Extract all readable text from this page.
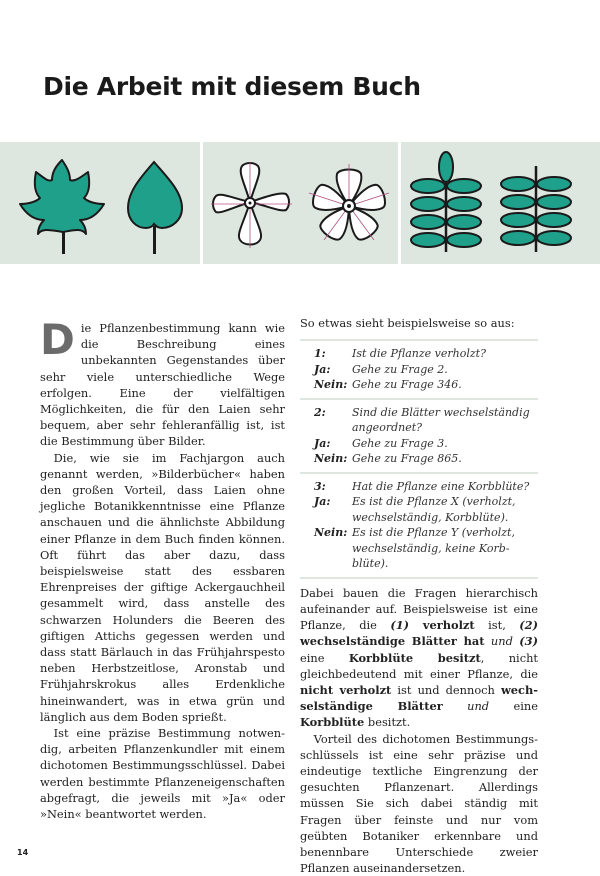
Die Arbeit mit diesem Buch

Die Pflanzenbestimmung kann wie die Beschreibung eines unbekannten Gegenstandes über sehr viele unterschiedliche Wege erfolgen. Eine der vielfältigen Möglichkeiten, die für den Laien sehr bequem, aber sehr fehleranfällig ist, ist die Bestimmung über Bilder.

Die, wie sie im Fachjargon auch genannt werden, »Bilderbücher« haben den großen Vorteil, dass Laien ohne jegliche Botanikkenntnisse eine Pflanze anschauen und die ähnlichste Abbildung einer Pflanze in dem Buch finden können. Oft führt das aber dazu, dass beispielsweise statt des essbaren Ehrenpreises der giftige Ackergauchheil gesammelt wird, dass anstelle des schwarzen Holunders die Beeren des giftigen Attichs gegessen werden und dass statt Bärlauch in das Frühjahrspesto neben Herbstzeitlose, Aronstab und Frühjahrskrokus alles Erdenkliche hineinwandert, was in etwa grün und länglich aus dem Boden sprießt.

Ist eine präzise Bestimmung notwendig, arbeiten Pflanzenkundler mit einem dichotomen Bestimmungsschlüssel. Dabei werden bestimmte Pflanzeneigenschaften abgefragt, die jeweils mit »Ja« oder »Nein« beantwortet werden.

So etwas sieht beispielsweise so aus:

1:	Ist die Pflanze verholzt?
Ja:	Gehe zu Frage 2.
Nein: Gehe zu Frage 346.
2:	Sind die Blätter wechselständig angeordnet?
Ja:	Gehe zu Frage 3.
Nein: Gehe zu Frage 865.
3:	Hat die Pflanze eine Korbblüte?
Ja:	Es ist die Pflanze X (verholzt, wechselständig, Korbblüte).
Nein: Es ist die Pflanze Y (verholzt, wechselständig, keine Korbblüte).

Dabei bauen die Fragen hierarchisch aufeinander auf. Beispielsweise ist eine Pflanze, die (1) verholzt ist, (2) wechselständige Blätter hat und (3) eine Korbblüte besitzt, nicht gleichbedeutend mit einer Pflanze, die nicht verholzt ist und dennoch wechselständige Blätter und eine Korbblüte besitzt.

Vorteil des dichotomen Bestimmungsschlüssels ist eine sehr präzise und eindeutige textliche Eingrenzung der gesuchten Pflanzenart. Allerdings müssen Sie sich dabei ständig mit Fragen über feinste und nur vom geübten Botaniker erkennbare und benennbare Unterschiede zweier Pflanzen auseinandersetzen.

14
